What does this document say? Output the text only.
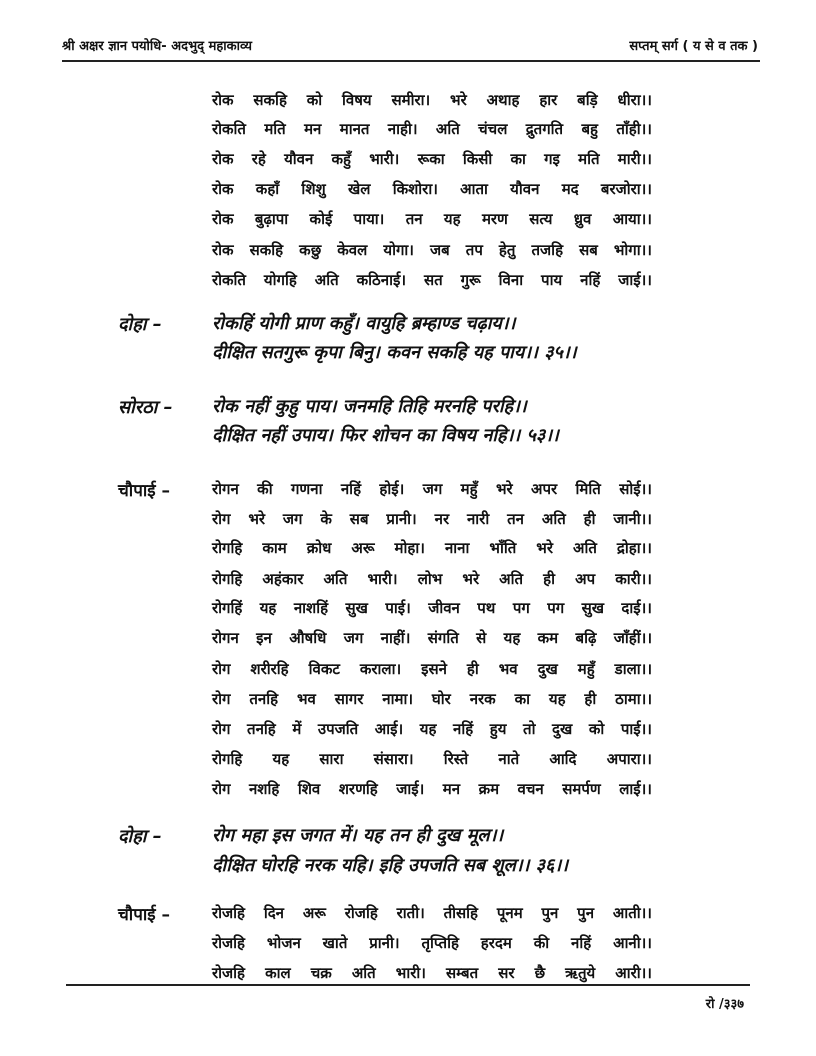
श्री अक्षर ज्ञान पयोधि- अदभुद् महाकाव्य	सप्तम् सर्ग ( य से व तक )
रोक सकहि को विषय समीरा। भरे अथाह हार बड़ि धीरा।।
रोकति मति मन मानत नाही। अति चंचल द्रुतगति बहु ताँही।।
रोक रहे यौवन कहुँ भारी। रूका किसी का गइ मति मारी।।
रोक कहाँ शिशु खेल किशोरा। आता यौवन मद बरजोरा।।
रोक बुढ़ापा कोई पाया। तन यह मरण सत्य ध्रुव आया।।
रोक सकहि कछु केवल योगा। जब तप हेतु तजहि सब भोगा।।
रोकति योगहि अति कठिनाई। सत गुरू विना पाय नहिं जाई।।
दोहा –	रोकहिं योगी प्राण कहुँ। वायुहि ब्रम्हाण्ड चढ़ाय।।
दीक्षित सतगुरू कृपा बिनु। कवन सकहि यह पाय।। ३५।।
सोरठा – रोक नहीं कुहु पाय। जनमहि तिहि मरनहि परहि।।
दीक्षित नहीं उपाय। फिर शोचन का विषय नहि।। ५३।।
चौपाई –	रोगन की गणना नहिं होई। जग महुँ भरे अपर मिति सोई।।
रोग भरे जग के सब प्रानी। नर नारी तन अति ही जानी।।
रोगहि काम क्रोध अरू मोहा। नाना भाँति भरे अति द्रोहा।।
रोगहि अहंकार अति भारी। लोभ भरे अति ही अप कारी।।
रोगहिं यह नाशहिं सुख पाई। जीवन पथ पग पग सुख दाई।।
रोगन इन औषधि जग नाहीं। संगति से यह कम बढ़ि जाँहीं।।
रोग शरीरहि विकट कराला। इसने ही भव दुख महुँ डाला।।
रोग तनहि भव सागर नामा। घोर नरक का यह ही ठामा।।
रोग तनहि में उपजति आई। यह नहिं हुय तो दुख को पाई।।
रोगहि यह सारा संसारा। रिस्ते नाते आदि अपारा।।
रोग नशहि शिव शरणहि जाई। मन क्रम वचन समर्पण लाई।।
दोहा –	रोग महा इस जगत में। यह तन ही दुख मूल।।
दीक्षित घोरहि नरक यहि। इहि उपजति सब शूल।। ३६।।
चौपाई –	रोजहि दिन अरू रोजहि राती। तीसहि पूनम पुन पुन आती।।
रोजहि भोजन खाते प्रानी। तृप्तिहि हरदम की नहिं आनी।।
रोजहि काल चक्र अति भारी। सम्बत सर छै ऋतुये आरी।।
रो /३३७
